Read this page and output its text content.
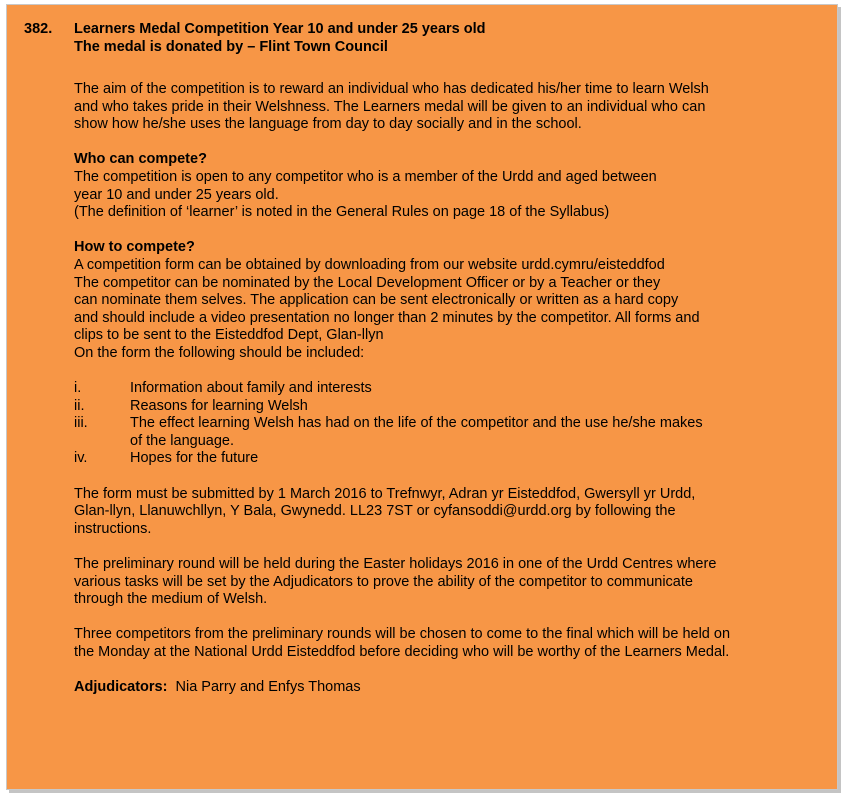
382.	Learners Medal Competition Year 10 and under 25 years old
The medal is donated by – Flint Town Council

The aim of the competition is to reward an individual who has dedicated his/her time to learn Welsh
and who takes pride in their Welshness. The Learners medal will be given to an individual who can
show how he/she uses the language from day to day socially and in the school.

Who can compete?

The competition is open to any competitor who is a member of the Urdd and aged between
year 10 and under 25 years old.
(The definition of ‘learner’ is noted in the General Rules on page 18 of the Syllabus)

How to compete?

A competition form can be obtained by downloading from our website urdd.cymru/eisteddfod
The competitor can be nominated by the Local Development Officer or by a Teacher or they
can nominate them selves. The application can be sent electronically or written as a hard copy
and should include a video presentation no longer than 2 minutes by the competitor. All forms and
clips to be sent to the Eisteddfod Dept, Glan-llyn
On the form the following should be included:

i.	Information about family and interests
ii.	Reasons for learning Welsh
iii.	The effect learning Welsh has had on the life of the competitor and the use he/she makes
of the language.
iv.	Hopes for the future

The form must be submitted by 1 March 2016 to Trefnwyr, Adran yr Eisteddfod, Gwersyll yr Urdd,
Glan-llyn, Llanuwchllyn, Y Bala, Gwynedd. LL23 7ST or cyfansoddi@urdd.org by following the
instructions.

The preliminary round will be held during the Easter holidays 2016 in one of the Urdd Centres where
various tasks will be set by the Adjudicators to prove the ability of the competitor to communicate
through the medium of Welsh.

Three competitors from the preliminary rounds will be chosen to come to the final which will be held on
the Monday at the National Urdd Eisteddfod before deciding who will be worthy of the Learners Medal.

Adjudicators: Nia Parry and Enfys Thomas
